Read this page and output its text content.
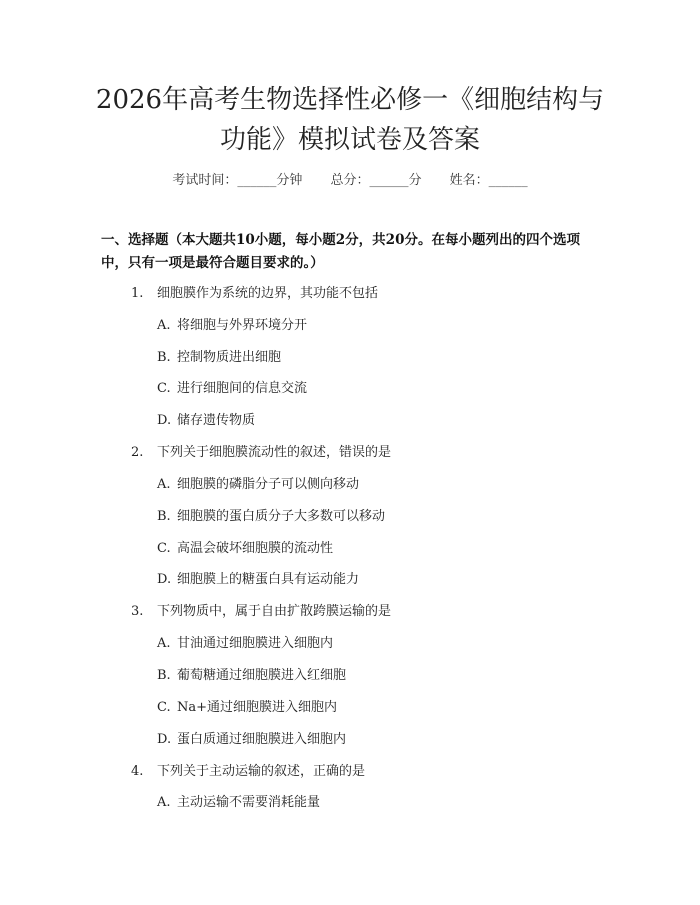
2026年高考生物选择性必修一《细胞结构与
功能》模拟试卷及答案
考试时间：______分钟 总分：______分 姓名：______
一、选择题（本大题共10小题，每小题2分，共20分。在每小题列出的四个选项中，只有一项是最符合题目要求的。）
1. 细胞膜作为系统的边界，其功能不包括
A. 将细胞与外界环境分开
B. 控制物质进出细胞
C. 进行细胞间的信息交流
D. 储存遗传物质
2. 下列关于细胞膜流动性的叙述，错误的是
A. 细胞膜的磷脂分子可以侧向移动
B. 细胞膜的蛋白质分子大多数可以移动
C. 高温会破坏细胞膜的流动性
D. 细胞膜上的糖蛋白具有运动能力
3. 下列物质中，属于自由扩散跨膜运输的是
A. 甘油通过细胞膜进入细胞内
B. 葡萄糖通过细胞膜进入红细胞
C. Na+通过细胞膜进入细胞内
D. 蛋白质通过细胞膜进入细胞内
4. 下列关于主动运输的叙述，正确的是
A. 主动运输不需要消耗能量
